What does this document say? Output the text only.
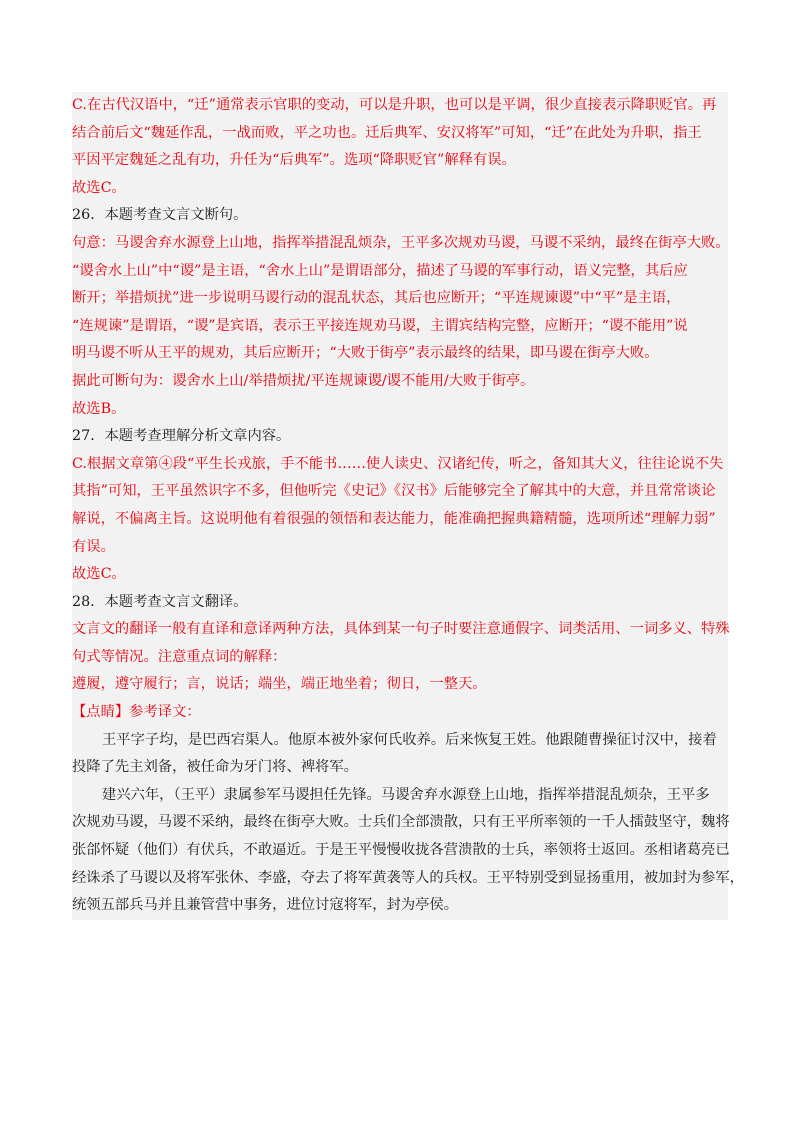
C.在古代汉语中，“迁”通常表示官职的变动，可以是升职，也可以是平调，很少直接表示降职贬官。再

结合前后文“魏延作乱，一战而败，平之功也。迁后典军、安汉将军”可知，“迁”在此处为升职，指王

平因平定魏延之乱有功，升任为“后典军”。选项“降职贬官”解释有误。

故选C。

26．本题考查文言文断句。

句意：马谡舍弃水源登上山地，指挥举措混乱烦杂，王平多次规劝马谡，马谡不采纳，最终在街亭大败。

“谡舍水上山”中“谡”是主语，“舍水上山”是谓语部分，描述了马谡的军事行动，语义完整，其后应

断开；举措烦扰”进一步说明马谡行动的混乱状态，其后也应断开；“平连规谏谡”中“平”是主语，

“连规谏”是谓语，“谡”是宾语，表示王平接连规劝马谡，主谓宾结构完整，应断开；“谡不能用”说

明马谡不听从王平的规劝，其后应断开；“大败于街亭”表示最终的结果，即马谡在街亭大败。

据此可断句为：谡舍水上山/举措烦扰/平连规谏谡/谡不能用/大败于街亭。

故选B。

27．本题考查理解分析文章内容。

C.根据文章第④段“平生长戎旅，手不能书……使人读史、汉诸纪传，听之，备知其大义，往往论说不失

其指”可知，王平虽然识字不多，但他听完《史记》《汉书》后能够完全了解其中的大意，并且常常谈论

解说，不偏离主旨。这说明他有着很强的领悟和表达能力，能准确把握典籍精髓，选项所述“理解力弱”

有误。

故选C。

28．本题考查文言文翻译。

文言文的翻译一般有直译和意译两种方法，具体到某一句子时要注意通假字、词类活用、一词多义、特殊

句式等情况。注意重点词的解释：

遵履，遵守履行；言，说话；端坐，端正地坐着；彻日，一整天。

【点睛】参考译文：

王平字子均，是巴西宕渠人。他原本被外家何氏收养。后来恢复王姓。他跟随曹操征讨汉中，接着

投降了先主刘备，被任命为牙门将、裨将军。

建兴六年，（王平）隶属参军马谡担任先锋。马谡舍弃水源登上山地，指挥举措混乱烦杂，王平多

次规劝马谡，马谡不采纳，最终在街亭大败。士兵们全部溃散，只有王平所率领的一千人擂鼓坚守，魏将

张郃怀疑（他们）有伏兵，不敢逼近。于是王平慢慢收拢各营溃散的士兵，率领将士返回。丞相诸葛亮已

经诛杀了马谡以及将军张休、李盛，夺去了将军黄袭等人的兵权。王平特别受到显扬重用，被加封为参军，

统领五部兵马并且兼管营中事务，进位讨寇将军，封为亭侯。
